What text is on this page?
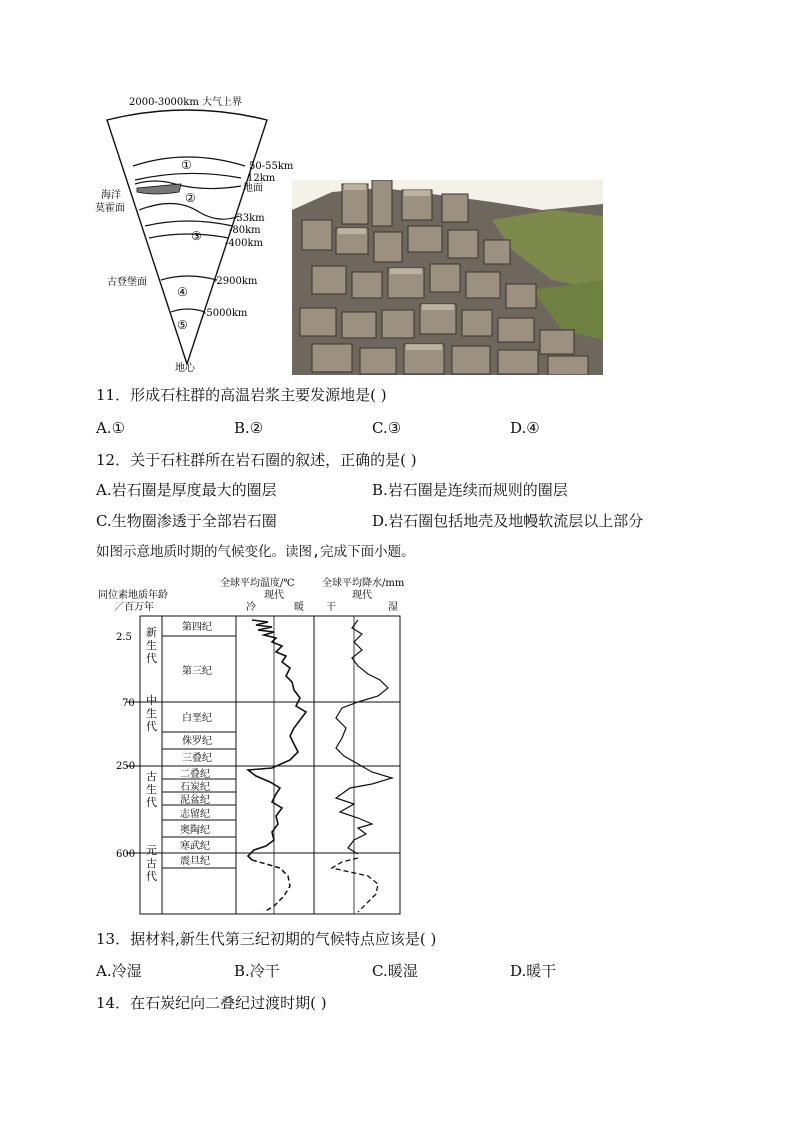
2000-3000km 大气上界
①
②
③
④
⑤
50-55km
12km
地面
-33km
-80km
-400km
-2900km
-5000km
海洋
莫霍面
古登堡面
地心
11．形成石柱群的高温岩浆主要发源地是( )
A.①	B.②	C.③	D.④
12．关于石柱群所在岩石圈的叙述，正确的是( )
A.岩石圈是厚度最大的圈层	B.岩石圈是连续而规则的圈层
C.生物圈渗透于全部岩石圈	D.岩石圈包括地壳及地幔软流层以上部分
如图示意地质时期的气候变化。读图,完成下面小题。
同位素地质年龄
／百万年
全球平均温度/℃
现代
冷	暖
全球平均降水/mm
现代
干	湿
2.5
70
250
600
新生代
中生代
古生代
元古代
第四纪
第三纪
白垩纪
侏罗纪
三叠纪
二叠纪
石炭纪
泥盆纪
志留纪
奥陶纪
寒武纪
震旦纪
13．据材料,新生代第三纪初期的气候特点应该是( )
A.冷湿	B.冷干	C.暖湿	D.暖干
14．在石炭纪向二叠纪过渡时期( )
